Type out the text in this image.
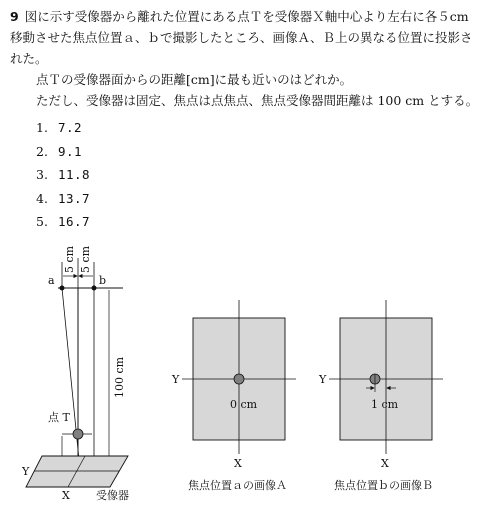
9 図に示す受像器から離れた位置にある点Ｔを受像器Ｘ軸中心より左右に各５cm

移動させた焦点位置ａ、ｂで撮影したところ、画像Ａ、Ｂ上の異なる位置に投影さ

れた。

点Ｔの受像器面からの距離[cm]に最も近いのはどれか。

ただし、受像器は固定、焦点は点焦点、焦点受像器間距離は 100 cm とする。

1. 7.2
2. 9.1
3. 11.8
4. 13.7
5. 16.7
a	b
5 cm 5 cm
100 cm
点 T
Y
X 受像器
Y
X
0 cm
焦点位置ａの画像Ａ
Y
X
1 cm
焦点位置ｂの画像Ｂ
